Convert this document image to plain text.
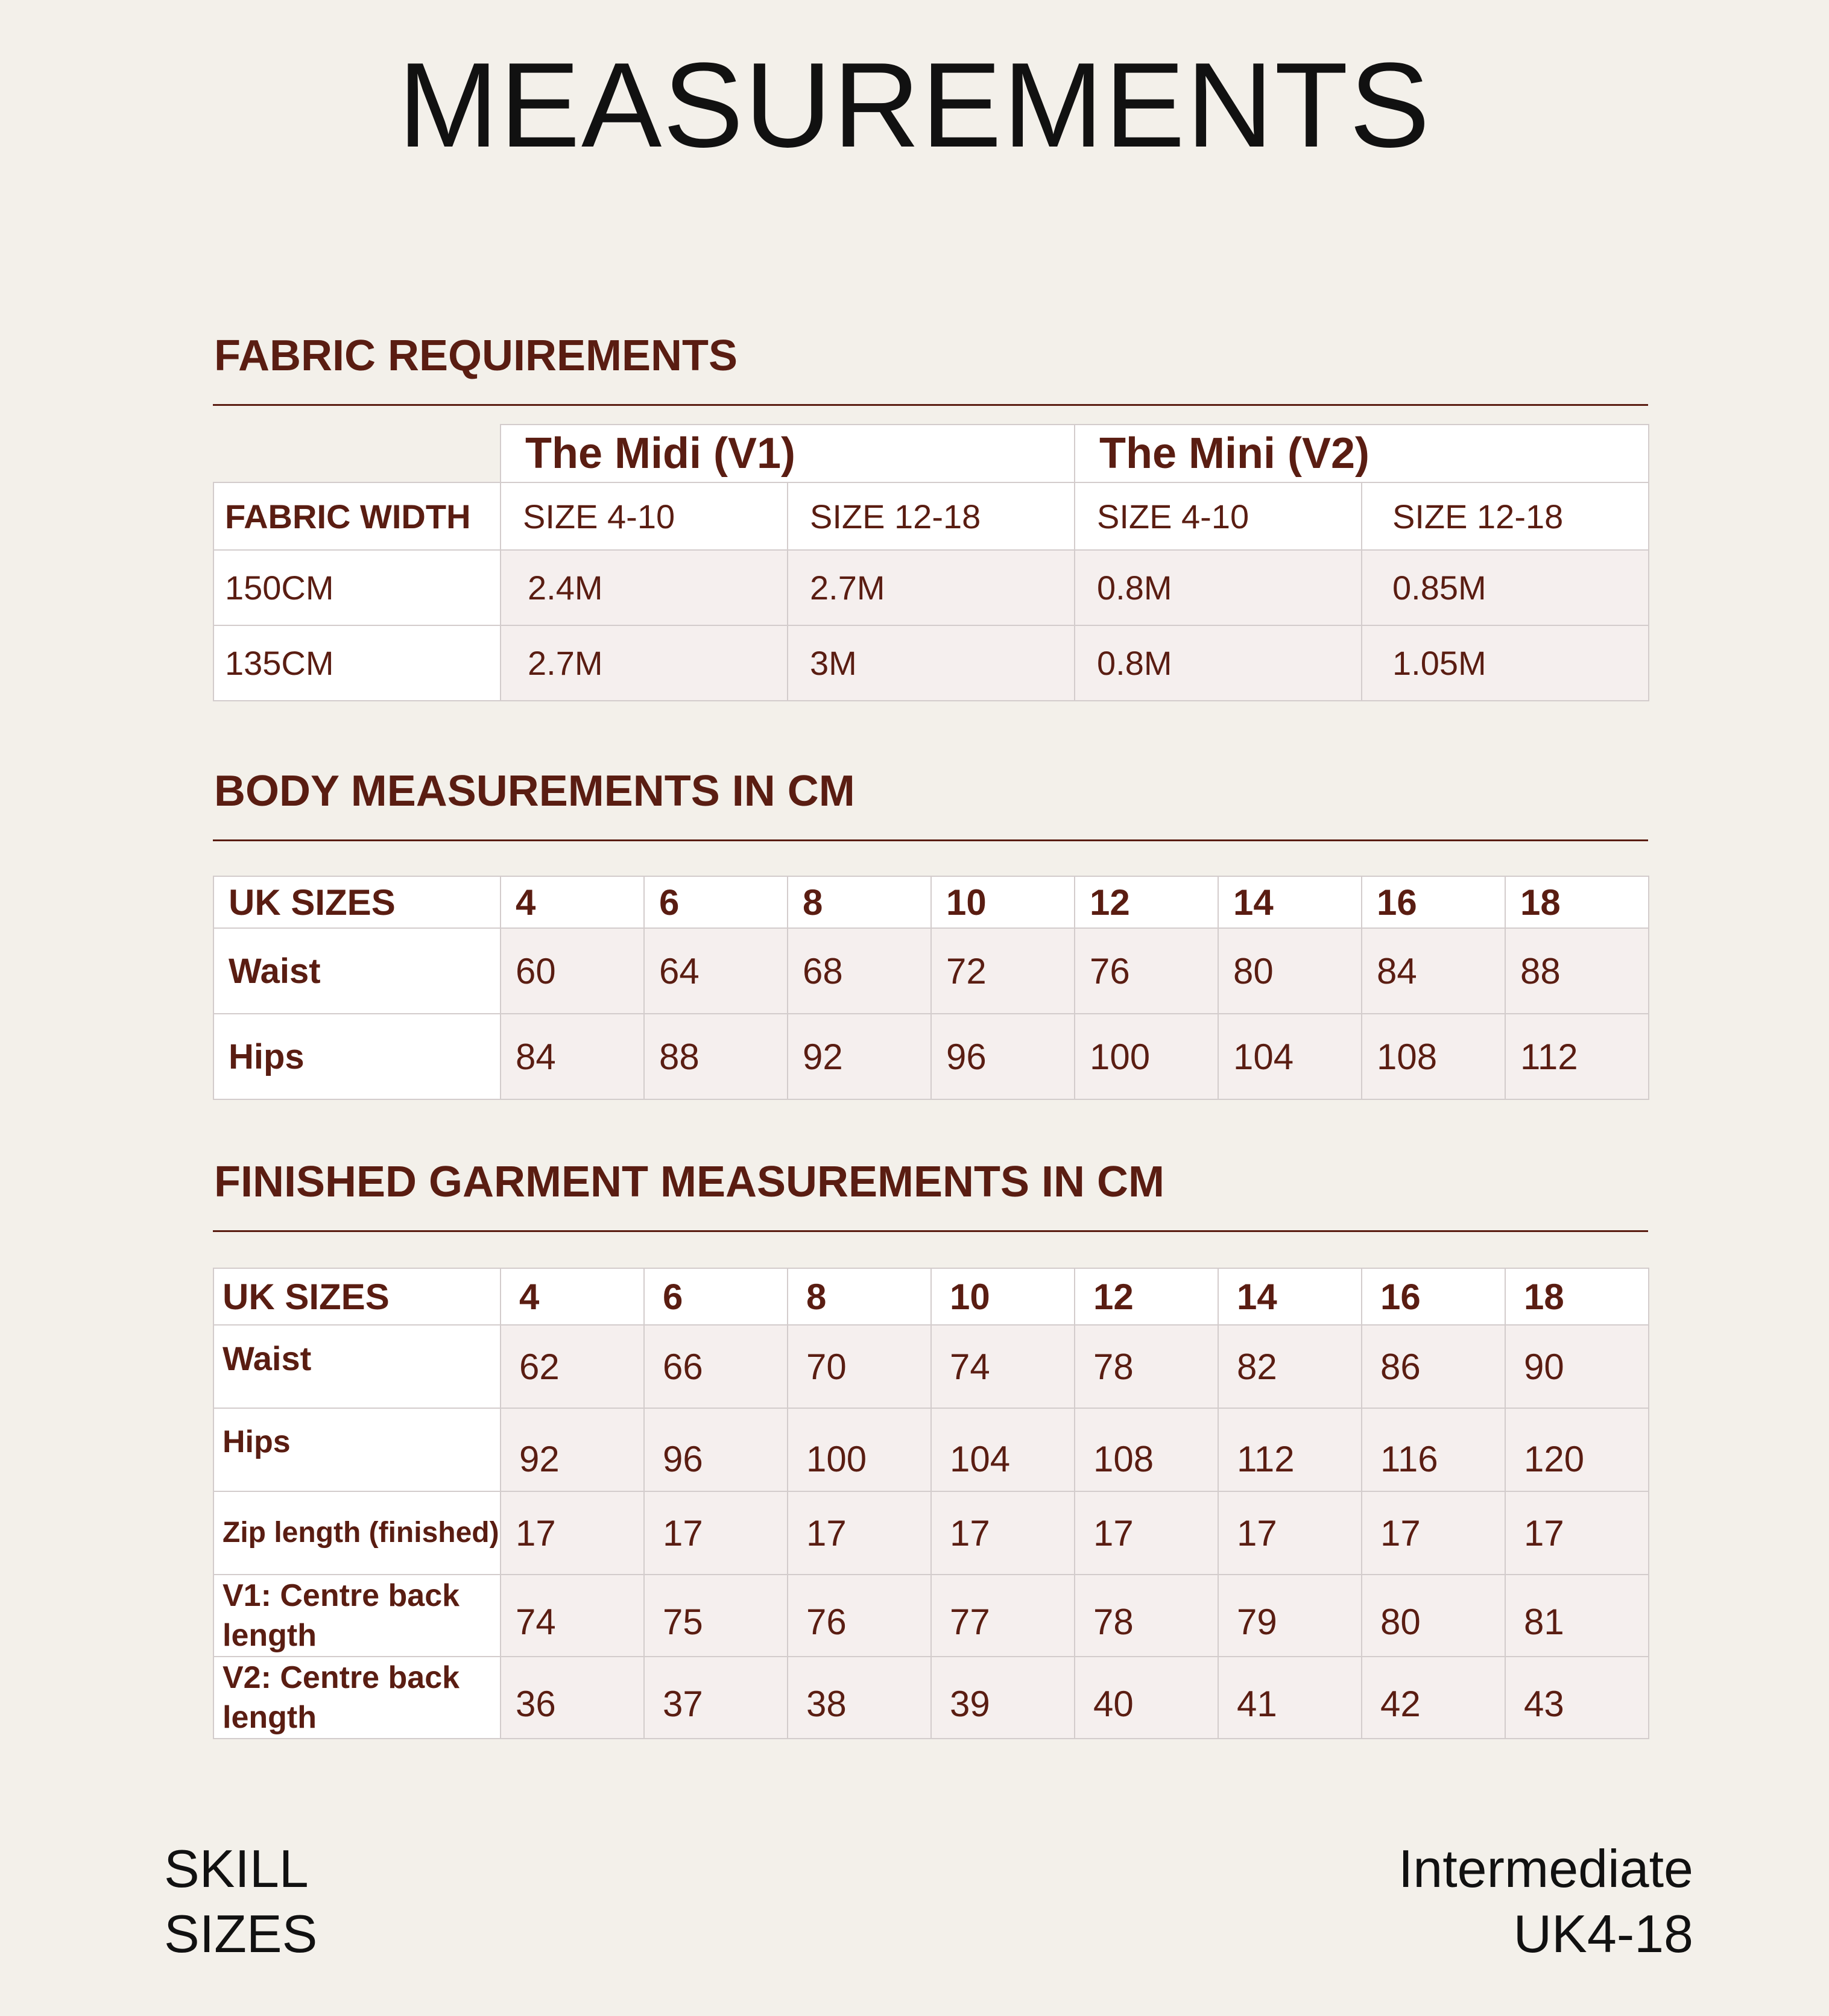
MEASUREMENTS
FABRIC REQUIREMENTS
	The Midi (V1)		The Mini (V2)	
FABRIC WIDTH	SIZE 4-10	SIZE 12-18	SIZE 4-10	SIZE 12-18
150CM	2.4M	2.7M	0.8M	0.85M
135CM	2.7M	3M	0.8M	1.05M
BODY MEASUREMENTS IN CM
UK SIZES	4	6	8	10	12	14	16	18
Waist	60	64	68	72	76	80	84	88
Hips	84	88	92	96	100	104	108	112
FINISHED GARMENT MEASUREMENTS IN CM
UK SIZES	4	6	8	10	12	14	16	18
Waist	62	66	70	74	78	82	86	90
Hips	92	96	100	104	108	112	116	120
Zip length (finished)	17	17	17	17	17	17	17	17
V1: Centre back length	74	75	76	77	78	79	80	81
V2: Centre back length	36	37	38	39	40	41	42	43
SKILL
SIZES
Intermediate
UK4-18
